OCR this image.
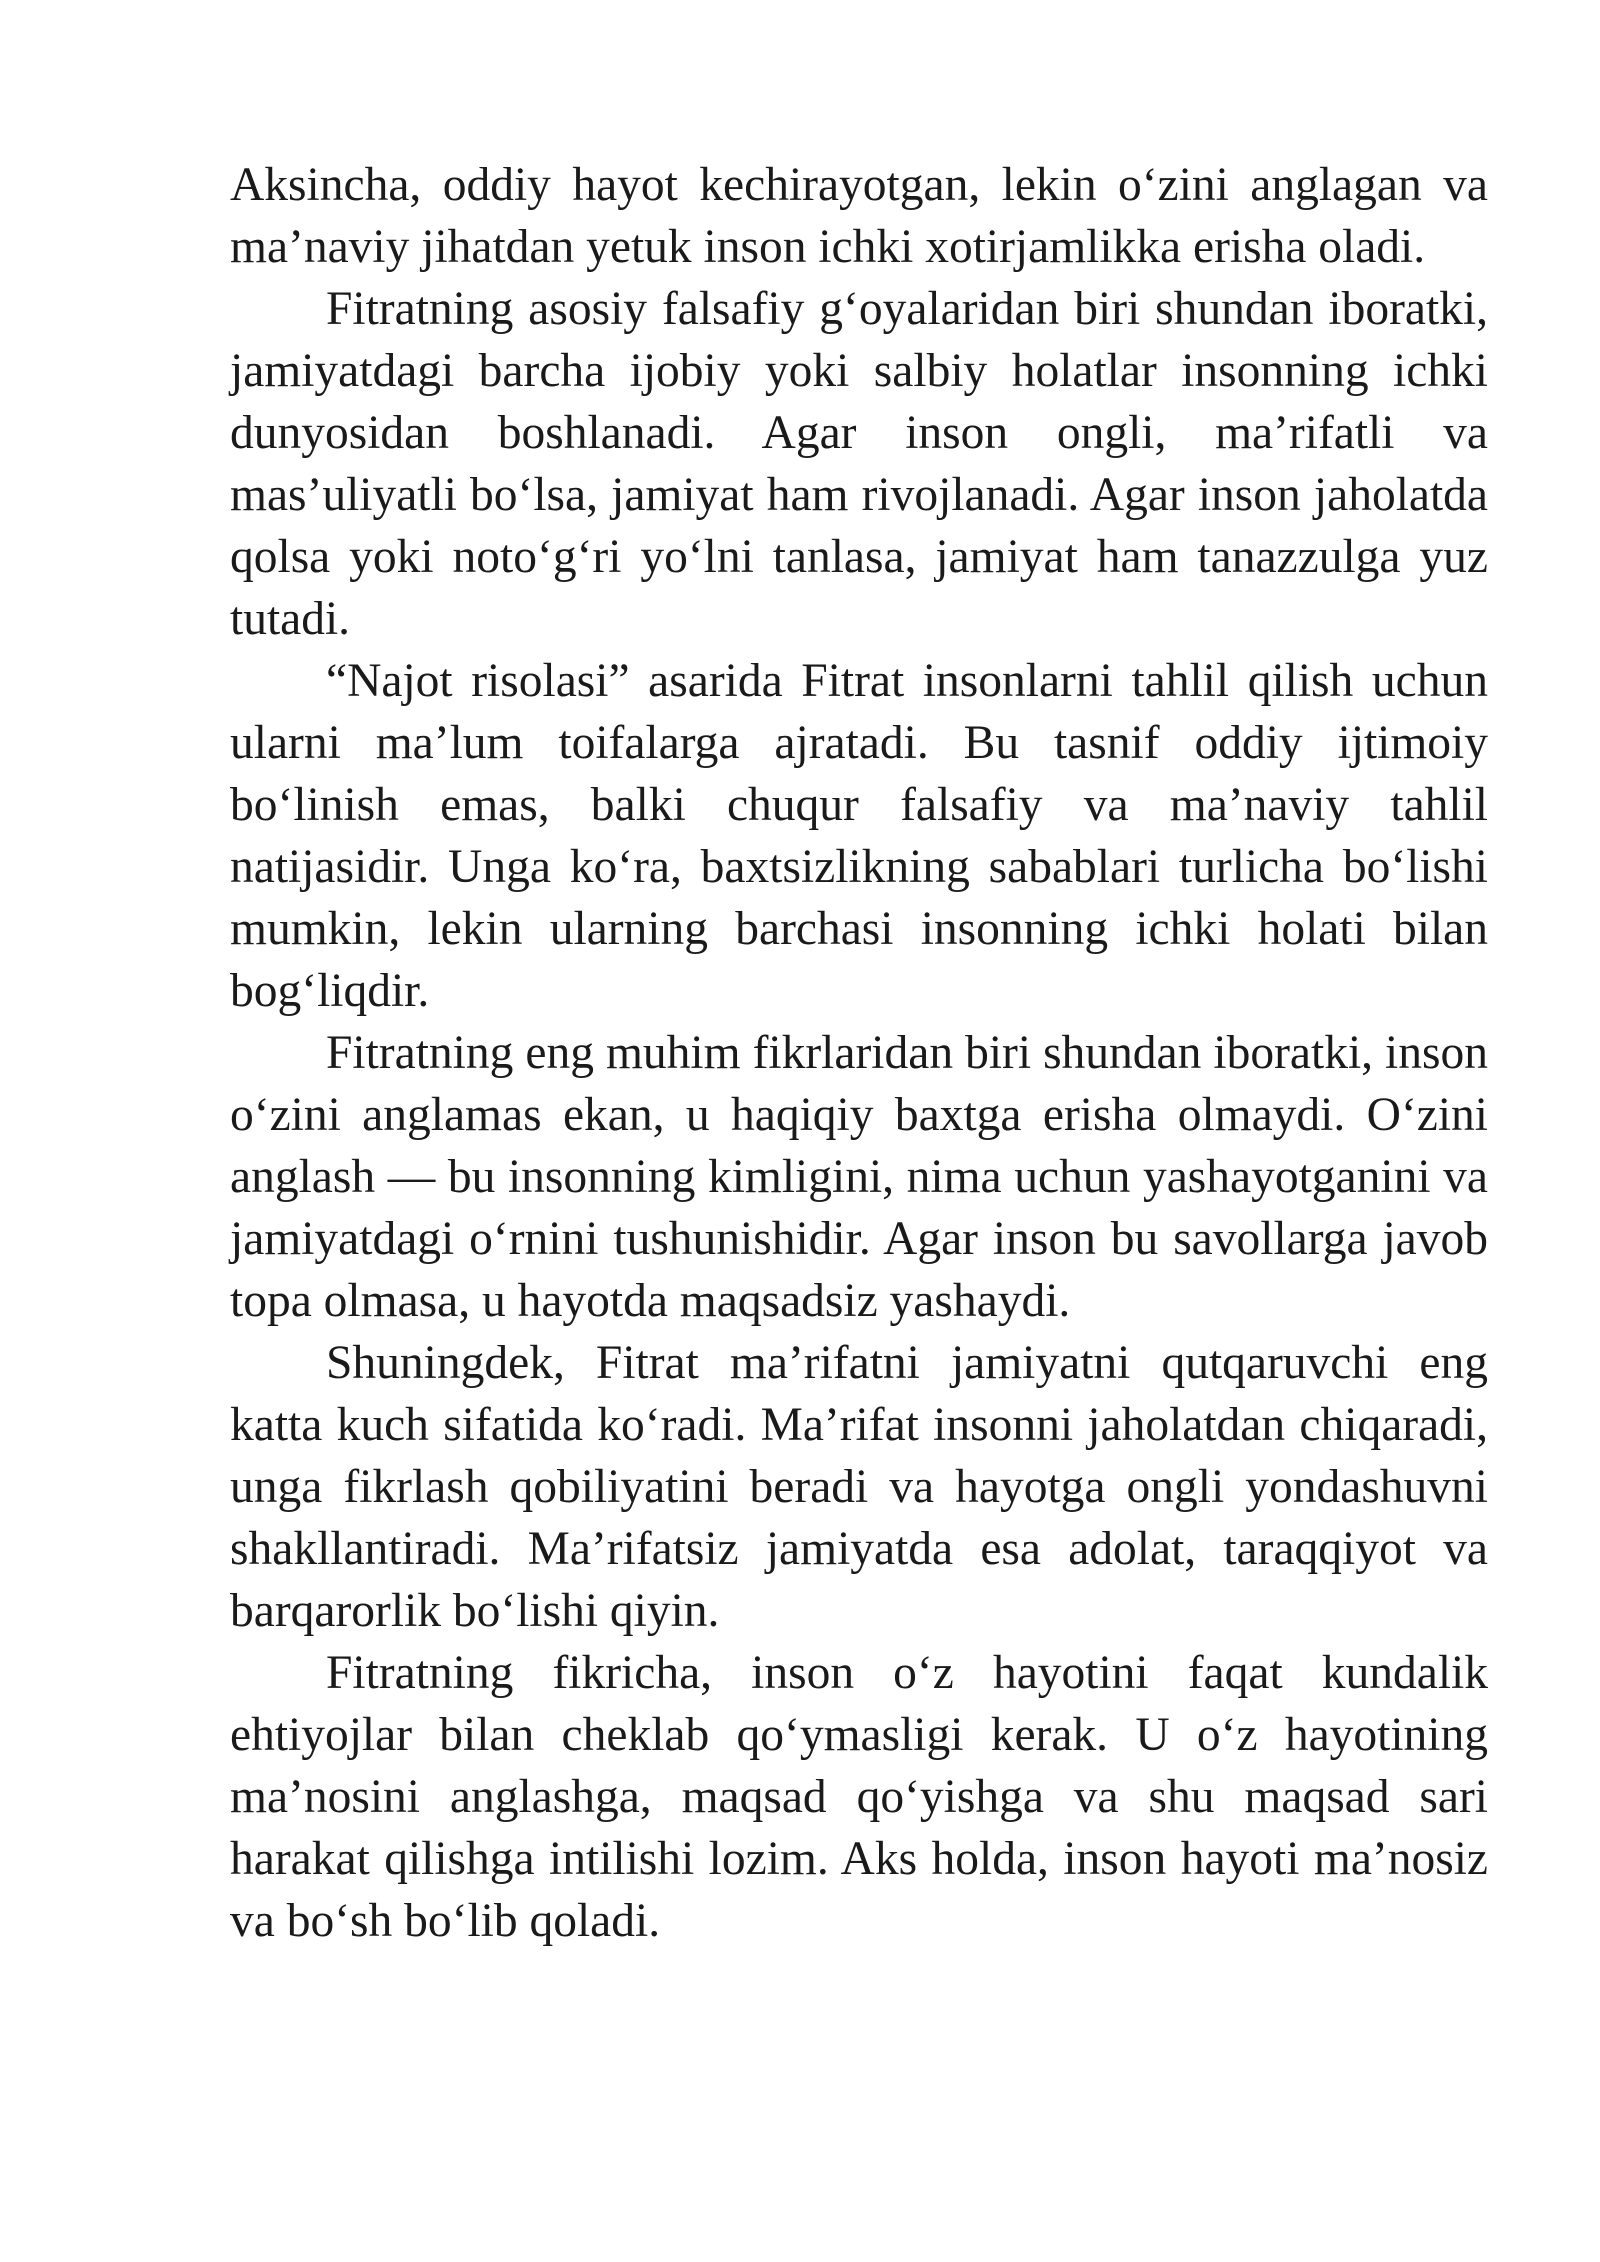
Aksincha, oddiy hayot kechirayotgan, lekin o‘zini anglagan va ma’naviy jihatdan yetuk inson ichki xotirjamlikka erisha oladi.

Fitratning asosiy falsafiy g‘oyalaridan biri shundan iboratki, jamiyatdagi barcha ijobiy yoki salbiy holatlar insonning ichki dunyosidan boshlanadi. Agar inson ongli, ma’rifatli va mas’uliyatli bo‘lsa, jamiyat ham rivojlanadi. Agar inson jaholatda qolsa yoki noto‘g‘ri yo‘lni tanlasa, jamiyat ham tanazzulga yuz tutadi.

“Najot risolasi” asarida Fitrat insonlarni tahlil qilish uchun ularni ma’lum toifalarga ajratadi. Bu tasnif oddiy ijtimoiy bo‘linish emas, balki chuqur falsafiy va ma’naviy tahlil natijasidir. Unga ko‘ra, baxtsizlikning sabablari turlicha bo‘lishi mumkin, lekin ularning barchasi insonning ichki holati bilan bog‘liqdir.

Fitratning eng muhim fikrlaridan biri shundan iboratki, inson o‘zini anglamas ekan, u haqiqiy baxtga erisha olmaydi. O‘zini anglash — bu insonning kimligini, nima uchun yashayotganini va jamiyatdagi o‘rnini tushunishidir. Agar inson bu savollarga javob topa olmasa, u hayotda maqsadsiz yashaydi.

Shuningdek, Fitrat ma’rifatni jamiyatni qutqaruvchi eng katta kuch sifatida ko‘radi. Ma’rifat insonni jaholatdan chiqaradi, unga fikrlash qobiliyatini beradi va hayotga ongli yondashuvni shakllantiradi. Ma’rifatsiz jamiyatda esa adolat, taraqqiyot va barqarorlik bo‘lishi qiyin.

Fitratning fikricha, inson o‘z hayotini faqat kundalik ehtiyojlar bilan cheklab qo‘ymasligi kerak. U o‘z hayotining ma’nosini anglashga, maqsad qo‘yishga va shu maqsad sari harakat qilishga intilishi lozim. Aks holda, inson hayoti ma’nosiz va bo‘sh bo‘lib qoladi.
